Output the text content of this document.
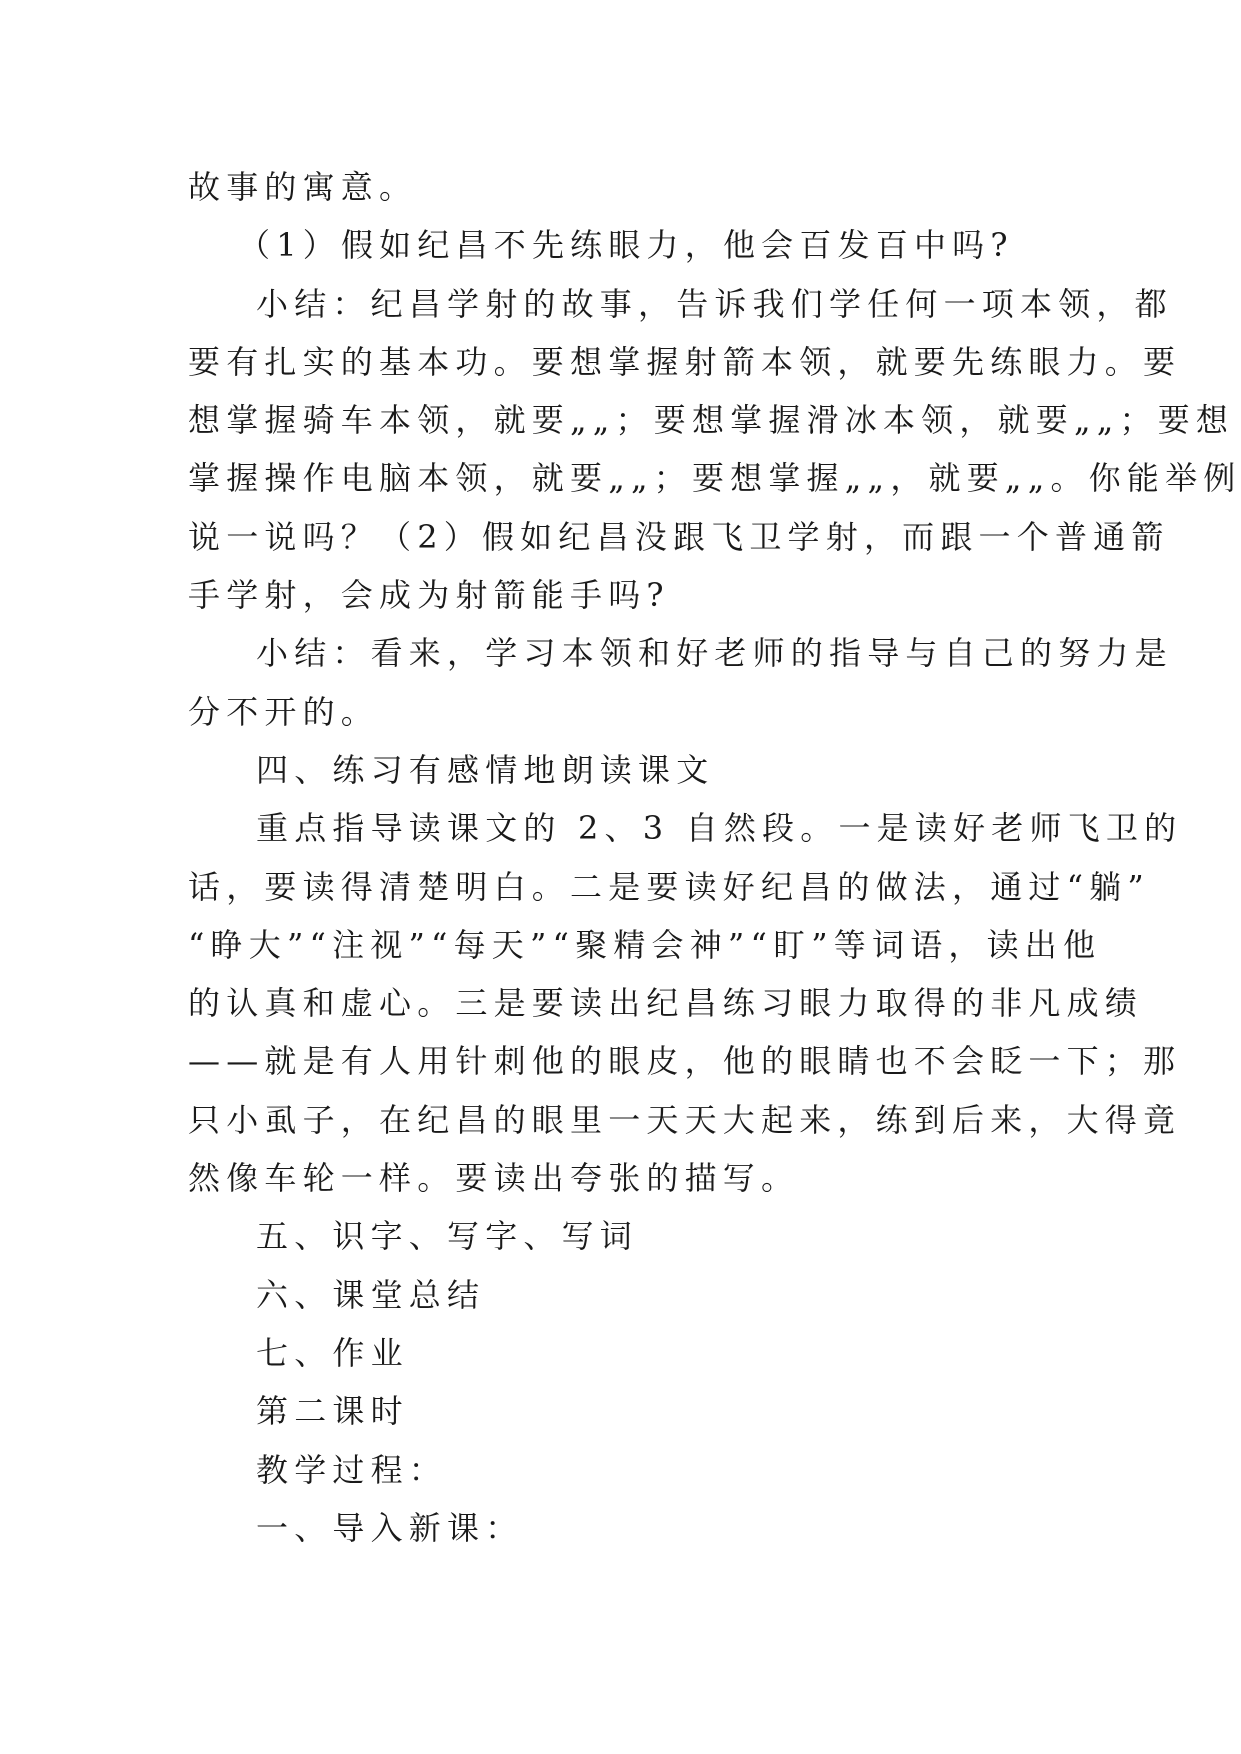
故事的寓意。

（1）假如纪昌不先练眼力，他会百发百中吗?

小结：纪昌学射的故事，告诉我们学任何一项本领，都

要有扎实的基本功。要想掌握射箭本领，就要先练眼力。要

想掌握骑车本领，就要„„；要想掌握滑冰本领，就要„„；要想

掌握操作电脑本领，就要„„；要想掌握„„，就要„„。你能举例

说一说吗？（2）假如纪昌没跟飞卫学射，而跟一个普通箭

手学射，会成为射箭能手吗?

小结：看来，学习本领和好老师的指导与自己的努力是

分不开的。

四、练习有感情地朗读课文

重点指导读课文的 2、3 自然段。一是读好老师飞卫的

话，要读得清楚明白。二是要读好纪昌的做法，通过“躺”

“睁大”“注视”“每天”“聚精会神”“盯”等词语，读出他

的认真和虚心。三是要读出纪昌练习眼力取得的非凡成绩

——就是有人用针刺他的眼皮，他的眼睛也不会眨一下；那

只小虱子，在纪昌的眼里一天天大起来，练到后来，大得竟

然像车轮一样。要读出夸张的描写。

五、识字、写字、写词

六、课堂总结

七、作业

第二课时

教学过程：

一、导入新课：
